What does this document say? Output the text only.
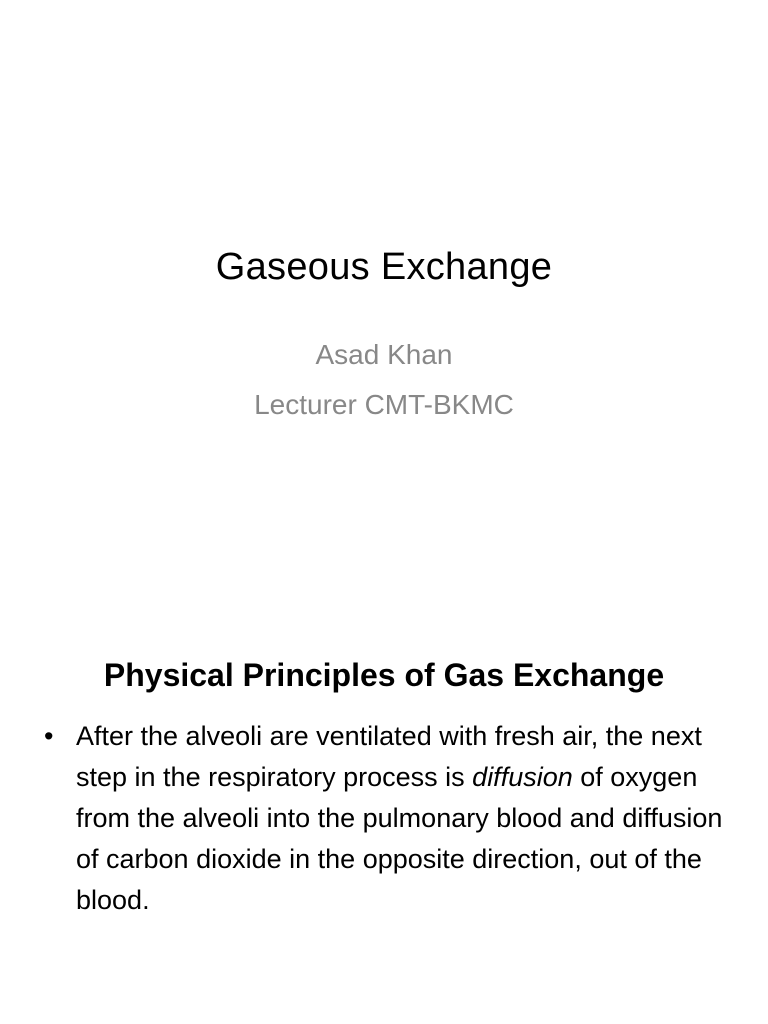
Gaseous Exchange
Asad Khan
Lecturer CMT-BKMC
Physical Principles of Gas Exchange
• After the alveoli are ventilated with fresh air, the next step in the respiratory process is diffusion of oxygen from the alveoli into the pulmonary blood and diffusion of carbon dioxide in the opposite direction, out of the blood.
